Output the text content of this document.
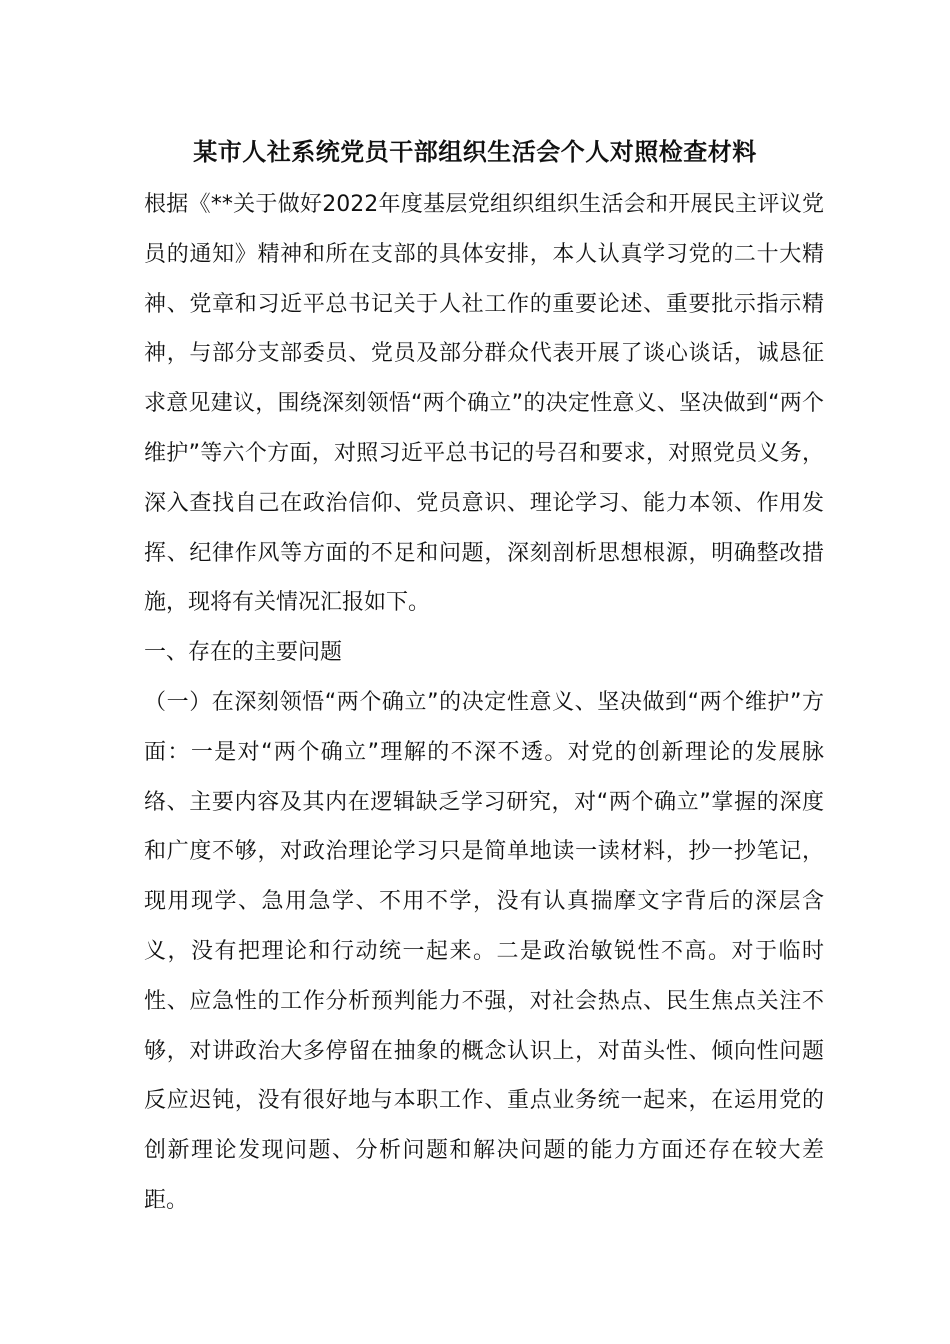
某市人社系统党员干部组织生活会个人对照检查材料

根据《**关于做好2022年度基层党组织组织生活会和开展民主评议党员的通知》精神和所在支部的具体安排，本人认真学习党的二十大精神、党章和习近平总书记关于人社工作的重要论述、重要批示指示精神，与部分支部委员、党员及部分群众代表开展了谈心谈话，诚恳征求意见建议，围绕深刻领悟“两个确立”的决定性意义、坚决做到“两个维护”等六个方面，对照习近平总书记的号召和要求，对照党员义务，深入查找自己在政治信仰、党员意识、理论学习、能力本领、作用发挥、纪律作风等方面的不足和问题，深刻剖析思想根源，明确整改措施，现将有关情况汇报如下。

一、存在的主要问题

（一）在深刻领悟“两个确立”的决定性意义、坚决做到“两个维护”方面：一是对“两个确立”理解的不深不透。对党的创新理论的发展脉络、主要内容及其内在逻辑缺乏学习研究，对“两个确立”掌握的深度和广度不够，对政治理论学习只是简单地读一读材料，抄一抄笔记，现用现学、急用急学、不用不学，没有认真揣摩文字背后的深层含义，没有把理论和行动统一起来。二是政治敏锐性不高。对于临时性、应急性的工作分析预判能力不强，对社会热点、民生焦点关注不够，对讲政治大多停留在抽象的概念认识上，对苗头性、倾向性问题反应迟钝，没有很好地与本职工作、重点业务统一起来，在运用党的创新理论发现问题、分析问题和解决问题的能力方面还存在较大差距。
